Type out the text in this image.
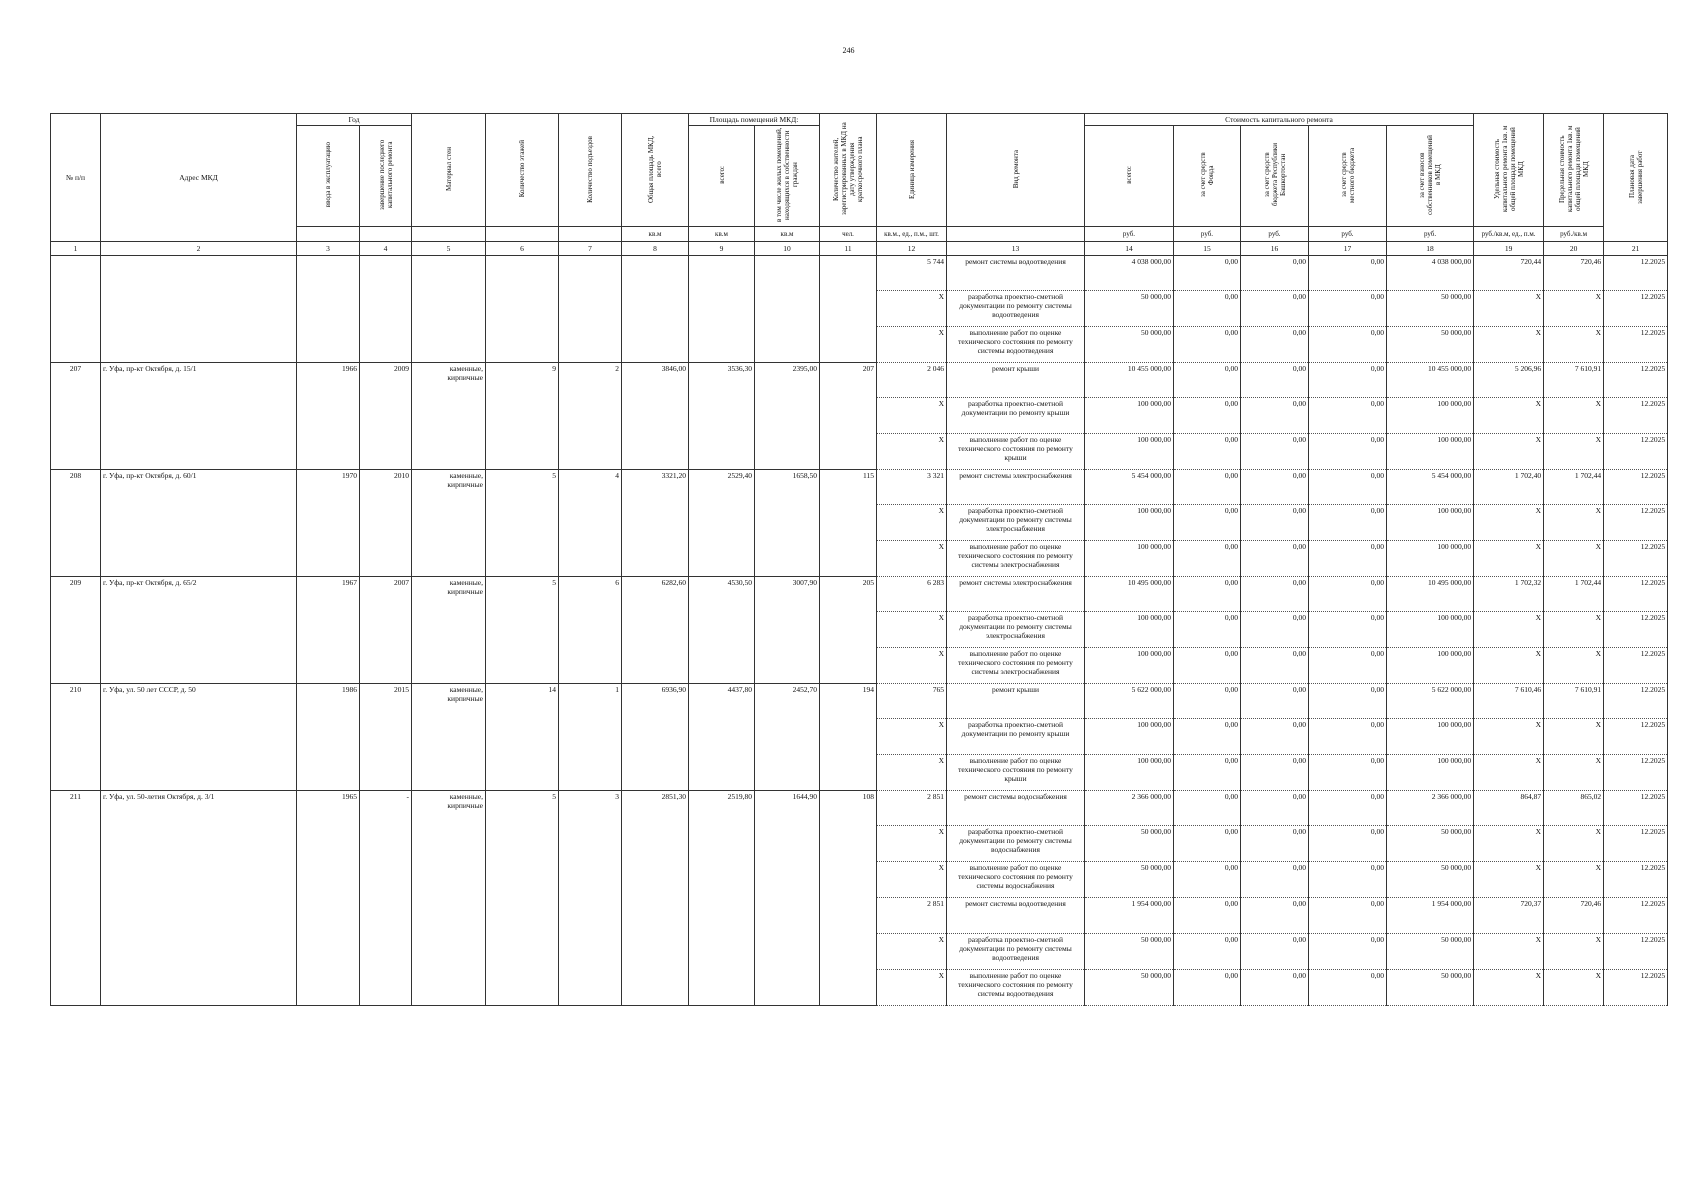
246
№ п/п	Адрес МКД	Год		Материал стен	Количество этажей	Количество подъездов	Общая площадь МКД, всего	Площадь помещений МКД:		Количество жителей, зарегистрированных в МКД на дату утверждения краткосрочного плана	Единица измерения	Вид ремонта	Стоимость капитального ремонта					Удельная стоимость капитального ремонта 1кв. м общей площади помещений МКД	Предельная стоимость капитального ремонта 1кв. м общей площади помещений МКД	Плановая дата завершения работ
		ввода в эксплуатацию	завершение последнего капитального ремонта					всего:	в том числе жилых помещений, находящихся в собственности граждан				всего:	за счет средств Фонда	за счет средств бюджета Республики Башкортостан	за счет средств местного бюджета	за счет взносов собственников помещений в МКД			
							кв.м	кв.м	кв.м	чел.	кв.м., ед., п.м., шт.		руб.	руб.	руб.	руб.	руб.	руб./кв.м, ед., п.м.	руб./кв.м	
1	2	3	4	5	6	7	8	9	10	11	12	13	14	15	16	17	18	19	20	21
											5 744	ремонт системы водоотведения	4 038 000,00	0,00	0,00	0,00	4 038 000,00	720,44	720,46	12.2025
											X	разработка проектно-сметной документации по ремонту системы водоотведения	50 000,00	0,00	0,00	0,00	50 000,00	X	X	12.2025
											X	выполнение работ по оценке технического состояния по ремонту системы водоотведения	50 000,00	0,00	0,00	0,00	50 000,00	X	X	12.2025
207	г. Уфа, пр-кт Октября, д. 15/1	1966	2009	каменные, кирпичные	9	2	3846,00	3536,30	2395,00	207	2 046	ремонт крыши	10 455 000,00	0,00	0,00	0,00	10 455 000,00	5 206,96	7 610,91	12.2025
											X	разработка проектно-сметной документации по ремонту крыши	100 000,00	0,00	0,00	0,00	100 000,00	X	X	12.2025
											X	выполнение работ по оценке технического состояния по ремонту крыши	100 000,00	0,00	0,00	0,00	100 000,00	X	X	12.2025
208	г. Уфа, пр-кт Октября, д. 60/1	1970	2010	каменные, кирпичные	5	4	3321,20	2529,40	1658,50	115	3 321	ремонт системы электроснабжения	5 454 000,00	0,00	0,00	0,00	5 454 000,00	1 702,40	1 702,44	12.2025
											X	разработка проектно-сметной документации по ремонту системы электроснабжения	100 000,00	0,00	0,00	0,00	100 000,00	X	X	12.2025
											X	выполнение работ по оценке технического состояния по ремонту системы электроснабжения	100 000,00	0,00	0,00	0,00	100 000,00	X	X	12.2025
209	г. Уфа, пр-кт Октября, д. 65/2	1967	2007	каменные, кирпичные	5	6	6282,60	4530,50	3007,90	205	6 283	ремонт системы электроснабжения	10 495 000,00	0,00	0,00	0,00	10 495 000,00	1 702,32	1 702,44	12.2025
											X	разработка проектно-сметной документации по ремонту системы электроснабжения	100 000,00	0,00	0,00	0,00	100 000,00	X	X	12.2025
											X	выполнение работ по оценке технического состояния по ремонту системы электроснабжения	100 000,00	0,00	0,00	0,00	100 000,00	X	X	12.2025
210	г. Уфа, ул. 50 лет СССР, д. 50	1986	2015	каменные, кирпичные	14	1	6936,90	4437,80	2452,70	194	765	ремонт крыши	5 622 000,00	0,00	0,00	0,00	5 622 000,00	7 610,46	7 610,91	12.2025
											X	разработка проектно-сметной документации по ремонту крыши	100 000,00	0,00	0,00	0,00	100 000,00	X	X	12.2025
											X	выполнение работ по оценке технического состояния по ремонту крыши	100 000,00	0,00	0,00	0,00	100 000,00	X	X	12.2025
211	г. Уфа, ул. 50-летия Октября, д. 3/1	1965	-	каменные, кирпичные	5	3	2851,30	2519,80	1644,90	108	2 851	ремонт системы водоснабжения	2 366 000,00	0,00	0,00	0,00	2 366 000,00	864,87	865,02	12.2025
											X	разработка проектно-сметной документации по ремонту системы водоснабжения	50 000,00	0,00	0,00	0,00	50 000,00	X	X	12.2025
											X	выполнение работ по оценке технического состояния по ремонту системы водоснабжения	50 000,00	0,00	0,00	0,00	50 000,00	X	X	12.2025
											2 851	ремонт системы водоотведения	1 954 000,00	0,00	0,00	0,00	1 954 000,00	720,37	720,46	12.2025
											X	разработка проектно-сметной документации по ремонту системы водоотведения	50 000,00	0,00	0,00	0,00	50 000,00	X	X	12.2025
											X	выполнение работ по оценке технического состояния по ремонту системы водоотведения	50 000,00	0,00	0,00	0,00	50 000,00	X	X	12.2025
